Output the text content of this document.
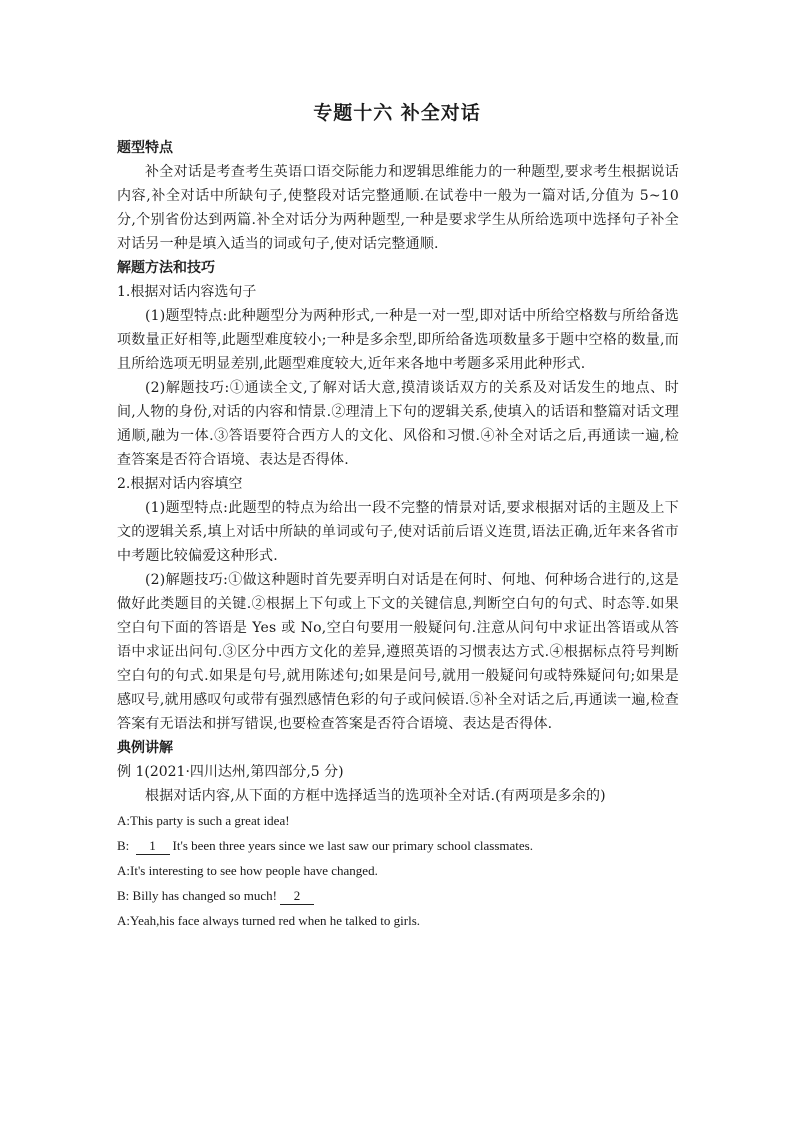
专题十六 补全对话
题型特点
补全对话是考查考生英语口语交际能力和逻辑思维能力的一种题型,要求考生根据说话内容,补全对话中所缺句子,使整段对话完整通顺.在试卷中一般为一篇对话,分值为 5~10 分,个别省份达到两篇.补全对话分为两种题型,一种是要求学生从所给选项中选择句子补全对话另一种是填入适当的词或句子,使对话完整通顺.
解题方法和技巧
1.根据对话内容选句子
(1)题型特点:此种题型分为两种形式,一种是一对一型,即对话中所给空格数与所给备选项数量正好相等,此题型难度较小;一种是多余型,即所给备选项数量多于题中空格的数量,而且所给选项无明显差别,此题型难度较大,近年来各地中考题多采用此种形式.
(2)解题技巧:①通读全文,了解对话大意,摸清谈话双方的关系及对话发生的地点、时间,人物的身份,对话的内容和情景.②理清上下句的逻辑关系,使填入的话语和整篇对话文理通顺,融为一体.③答语要符合西方人的文化、风俗和习惯.④补全对话之后,再通读一遍,检查答案是否符合语境、表达是否得体.
2.根据对话内容填空
(1)题型特点:此题型的特点为给出一段不完整的情景对话,要求根据对话的主题及上下文的逻辑关系,填上对话中所缺的单词或句子,使对话前后语义连贯,语法正确,近年来各省市中考题比较偏爱这种形式.
(2)解题技巧:①做这种题时首先要弄明白对话是在何时、何地、何种场合进行的,这是做好此类题目的关键.②根据上下句或上下文的关键信息,判断空白句的句式、时态等.如果空白句下面的答语是 Yes 或 No,空白句要用一般疑问句.注意从问句中求证出答语或从答语中求证出问句.③区分中西方文化的差异,遵照英语的习惯表达方式.④根据标点符号判断空白句的句式.如果是句号,就用陈述句;如果是问号,就用一般疑问句或特殊疑问句;如果是感叹号,就用感叹句或带有强烈感情色彩的句子或问候语.⑤补全对话之后,再通读一遍,检查答案有无语法和拼写错误,也要检查答案是否符合语境、表达是否得体.
典例讲解
例 1(2021·四川达州,第四部分,5 分)
根据对话内容,从下面的方框中选择适当的选项补全对话.(有两项是多余的)
A:This party is such a great idea!
B: 1 It's been three years since we last saw our primary school classmates.
A:It's interesting to see how people have changed.
B: Billy has changed so much! 2
A:Yeah,his face always turned red when he talked to girls.
